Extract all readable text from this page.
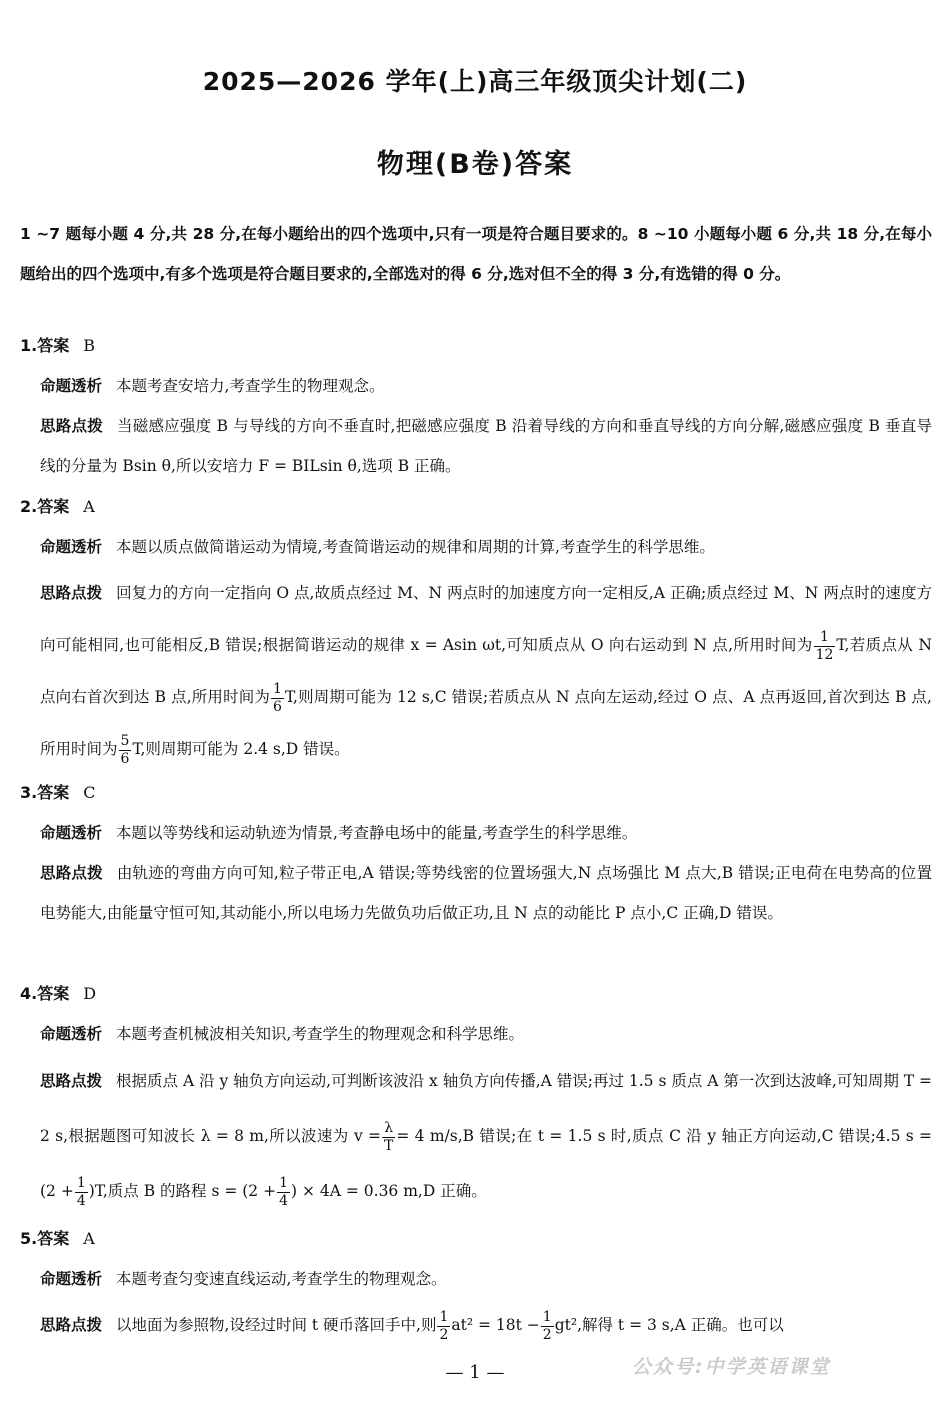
2025—2026 学年(上)高三年级顶尖计划(二)
物理(B卷)答案
1 ~7 题每小题 4 分,共 28 分,在每小题给出的四个选项中,只有一项是符合题目要求的。8 ~10 小题每小题 6 分,共 18 分,在每小题给出的四个选项中,有多个选项是符合题目要求的,全部选对的得 6 分,选对但不全的得 3 分,有选错的得 0 分。
1.答案 B
命题透析 本题考查安培力,考查学生的物理观念。
思路点拨 当磁感应强度 B 与导线的方向不垂直时,把磁感应强度 B 沿着导线的方向和垂直导线的方向分解,磁感应强度 B 垂直导线的分量为 Bsin θ,所以安培力 F = BILsin θ,选项 B 正确。
2.答案 A
命题透析 本题以质点做简谐运动为情境,考查简谐运动的规律和周期的计算,考查学生的科学思维。
思路点拨 回复力的方向一定指向 O 点,故质点经过 M、N 两点时的加速度方向一定相反,A 正确;质点经过 M、N 两点时的速度方向可能相同,也可能相反,B 错误;根据简谐运动的规律 x = Asin ωt,可知质点从 O 向右运动到 N 点,所用时间为 $\frac{1}{12} T$,若质点从 N 点向右首次到达 B 点,所用时间为 $\frac{1}{6} T$,则周期可能为 12 s,C 错误;若质点从 N 点向左运动,经过 O 点、A 点再返回,首次到达 B 点,所用时间为 $\frac{5}{6} T$,则周期可能为 2.4 s,D 错误。
3.答案 C
命题透析 本题以等势线和运动轨迹为情景,考查静电场中的能量,考查学生的科学思维。
思路点拨 由轨迹的弯曲方向可知,粒子带正电,A 错误;等势线密的位置场强大,N 点场强比 M 点大,B 错误;正电荷在电势高的位置电势能大,由能量守恒可知,其动能小,所以电场力先做负功后做正功,且 N 点的动能比 P 点小,C 正确,D 错误。
4.答案 D
命题透析 本题考查机械波相关知识,考查学生的物理观念和科学思维。
思路点拨 根据质点 A 沿 y 轴负方向运动,可判断该波沿 x 轴负方向传播,A 错误;再过 1.5 s 质点 A 第一次到达波峰,可知周期 T = 2 s,根据题图可知波长 λ = 8 m,所以波速为 $v = \frac{\lambda}{T} = 4$ m/s,B 错误;在 t = 1.5 s 时,质点 C 沿 y 轴正方向运动,C 错误;4.5 $s = (2 + \frac{1}{4} )T$,质点 B 的路程 $s = (2 + \frac{1}{4}$ ) × 4A = 0.36 m,D 正确。
5.答案 A
命题透析 本题考查匀变速直线运动,考查学生的物理观念。
思路点拨 以地面为参照物,设经过时间 t 硬币落回手中,则 $\frac{1}{2} at^2 = 18t - \frac{1}{2} gt^2$,解得 t = 3 s,A 正确。也可以
— 1 —	公众号:中学英语课堂
